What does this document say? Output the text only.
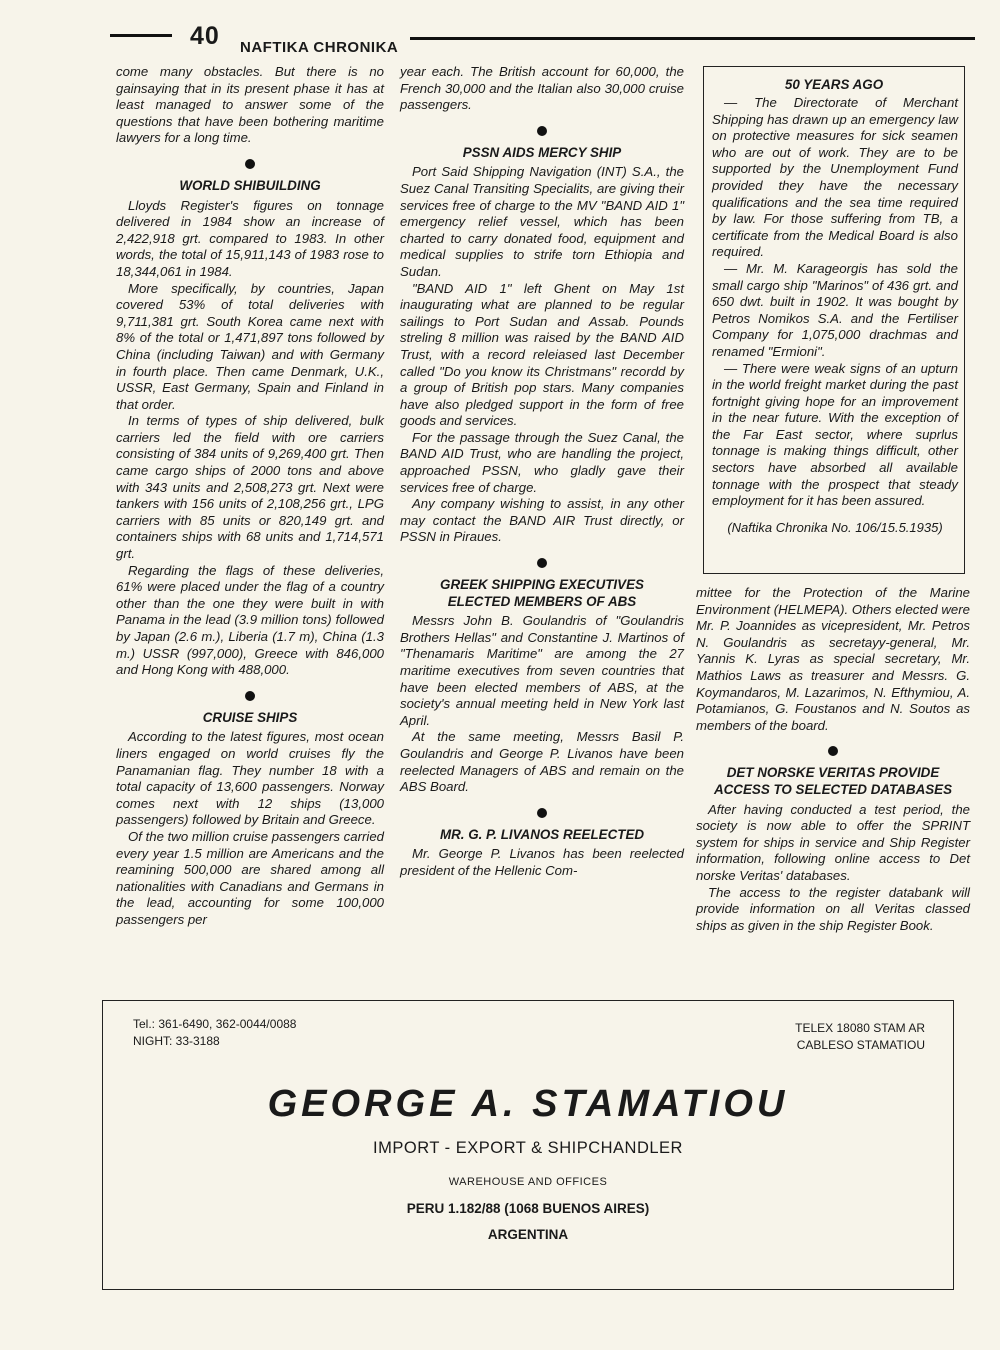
40 NAFTIKA CHRONIKA

come many obstacles. But there is no gainsaying that in its present phase it has at least managed to answer some of the questions that have been bothering maritime lawyers for a long time.

WORLD SHIBUILDING

Lloyds Register's figures on tonnage delivered in 1984 show an increase of 2,422,918 grt. compared to 1983. In other words, the total of 15,911,143 of 1983 rose to 18,344,061 in 1984.

More specifically, by countries, Japan covered 53% of total deliveries with 9,711,381 grt. South Korea came next with 8% of the total or 1,471,897 tons followed by China (including Taiwan) and with Germany in fourth place. Then came Denmark, U.K., USSR, East Germany, Spain and Finland in that order.

In terms of types of ship delivered, bulk carriers led the field with ore carriers consisting of 384 units of 9,269,400 grt. Then came cargo ships of 2000 tons and above with 343 units and 2,508,273 grt. Next were tankers with 156 units of 2,108,256 grt., LPG carriers with 85 units or 820,149 grt. and containers ships with 68 units and 1,714,571 grt.

Regarding the flags of these deliveries, 61% were placed under the flag of a country other than the one they were built in with Panama in the lead (3.9 million tons) followed by Japan (2.6 m.), Liberia (1.7 m), China (1.3 m.) USSR (997,000), Greece with 846,000 and Hong Kong with 488,000.

CRUISE SHIPS

According to the latest figures, most ocean liners engaged on world cruises fly the Panamanian flag. They number 18 with a total capacity of 13,600 passengers. Norway comes next with 12 ships (13,000 passengers) followed by Britain and Greece.

Of the two million cruise passengers carried every year 1.5 million are Americans and the reamining 500,000 are shared among all nationalities with Canadians and Germans in the lead, accounting for some 100,000 passengers per

year each. The British account for 60,000, the French 30,000 and the Italian also 30,000 cruise passengers.

PSSN AIDS MERCY SHIP

Port Said Shipping Navigation (INT) S.A., the Suez Canal Transiting Specialits, are giving their services free of charge to the MV "BAND AID 1" emergency relief vessel, which has been charted to carry donated food, equipment and medical supplies to strife torn Ethiopia and Sudan.

"BAND AID 1" left Ghent on May 1st inaugurating what are planned to be regular sailings to Port Sudan and Assab. Pounds streling 8 million was raised by the BAND AID Trust, with a record releiased last December called "Do you know its Christmans" recordd by a group of British pop stars. Many companies have also pledged support in the form of free goods and services.

For the passage through the Suez Canal, the BAND AID Trust, who are handling the project, approached PSSN, who gladly gave their services free of charge.

Any company wishing to assist, in any other may contact the BAND AIR Trust directly, or PSSN in Piraues.

GREEK SHIPPING EXECUTIVES
ELECTED MEMBERS OF ABS

Messrs John B. Goulandris of "Goulandris Brothers Hellas" and Constantine J. Martinos of "Thenamaris Maritime" are among the 27 maritime executives from seven countries that have been elected members of ABS, at the society's annual meeting held in New York last April.

At the same meeting, Messrs Basil P. Goulandris and George P. Livanos have been reelected Managers of ABS and remain on the ABS Board.

MR. G. P. LIVANOS REELECTED

Mr. George P. Livanos has been reelected president of the Hellenic Com-

50 YEARS AGO

— The Directorate of Merchant Shipping has drawn up an emergency law on protective measures for sick seamen who are out of work. They are to be supported by the Unemployment Fund provided they have the necessary qualifications and the sea time required by law. For those suffering from TB, a certificate from the Medical Board is also required.

— Mr. M. Karageorgis has sold the small cargo ship "Marinos" of 436 grt. and 650 dwt. built in 1902. It was bought by Petros Nomikos S.A. and the Fertiliser Company for 1,075,000 drachmas and renamed "Ermioni".

— There were weak signs of an upturn in the world freight market during the past fortnight giving hope for an improvement in the near future. With the exception of the Far East sector, where suprlus tonnage is making things difficult, other sectors have absorbed all available tonnage with the prospect that steady employment for it has been assured.

(Naftika Chronika No. 106/15.5.1935)

mittee for the Protection of the Marine Environment (HELMEPA). Others elected were Mr. P. Joannides as vicepresident, Mr. Petros N. Goulandris as secretayy-general, Mr. Yannis K. Lyras as special secretary, Mr. Mathios Laws as treasurer and Messrs. G. Koymandaros, M. Lazarimos, N. Efthymiou, A. Potamianos, G. Foustanos and N. Soutos as members of the board.

DET NORSKE VERITAS PROVIDE
ACCESS TO SELECTED DATABASES

After having conducted a test period, the society is now able to offer the SPRINT system for ships in service and Ship Register information, following online access to Det norske Veritas' databases.

The access to the register databank will provide information on all Veritas classed ships as given in the ship Register Book.

Tel.: 361-6490, 362-0044/0088
NIGHT: 33-3188
TELEX 18080 STAM AR
CABLESO STAMATIOU
GEORGE A. STAMATIOU
IMPORT - EXPORT & SHIPCHANDLER
WAREHOUSE AND OFFICES
PERU 1.182/88 (1068 BUENOS AIRES)
ARGENTINA
